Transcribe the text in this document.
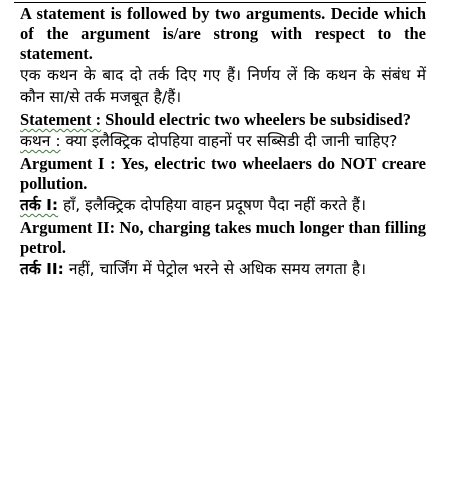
A statement is followed by two arguments. Decide which of the argument is/are strong with respect to the statement.

एक कथन के बाद दो तर्क दिए गए हैं। निर्णय लें कि कथन के संबंध में कौन सा/से तर्क मजबूत है/हैं।

Statement : Should electric two wheelers be subsidised?

कथन : क्या इलैक्ट्रिक दोपहिया वाहनों पर सब्सिडी दी जानी चाहिए?

Argument I : Yes, electric two wheelaers do NOT creare pollution.

तर्क I: हाँ, इलैक्ट्रिक दोपहिया वाहन प्रदूषण पैदा नहीं करते हैं।

Argument II: No, charging takes much longer than filling petrol.

तर्क II: नहीं, चार्जिंग में पेट्रोल भरने से अधिक समय लगता है।
